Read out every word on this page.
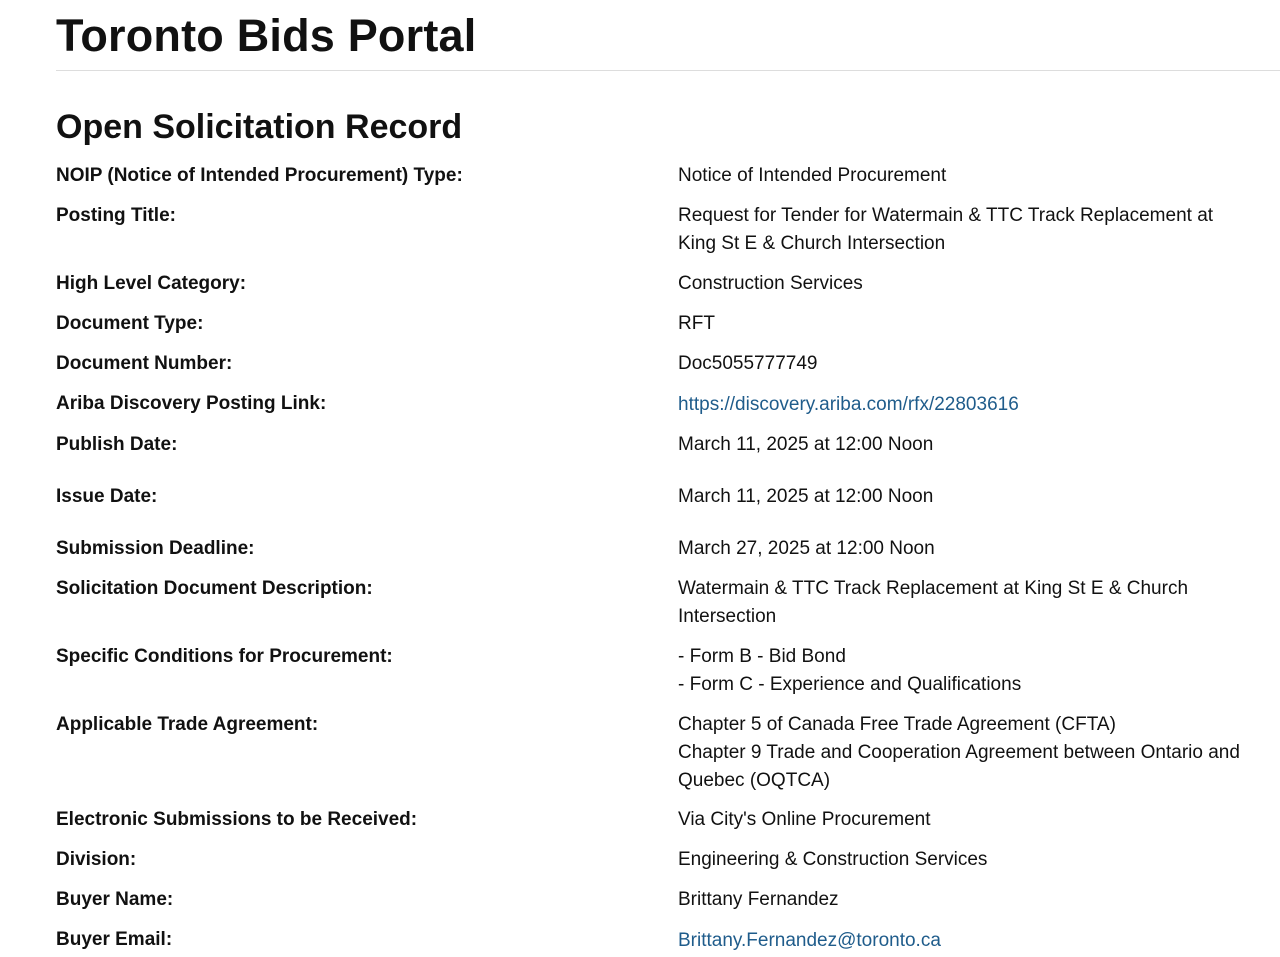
Toronto Bids Portal
Open Solicitation Record
NOIP (Notice of Intended Procurement) Type:	Notice of Intended Procurement
Posting Title:	Request for Tender for Watermain & TTC Track Replacement at
King St E & Church Intersection
High Level Category:	Construction Services
Document Type:	RFT
Document Number:	Doc5055777749
Ariba Discovery Posting Link:	https://discovery.ariba.com/rfx/22803616
Publish Date:	March 11, 2025 at 12:00 Noon
Issue Date:	March 11, 2025 at 12:00 Noon
Submission Deadline:	March 27, 2025 at 12:00 Noon
Solicitation Document Description:	Watermain & TTC Track Replacement at King St E & Church
Intersection
Specific Conditions for Procurement:	- Form B - Bid Bond
- Form C - Experience and Qualifications
Applicable Trade Agreement:	Chapter 5 of Canada Free Trade Agreement (CFTA)
Chapter 9 Trade and Cooperation Agreement between Ontario and
Quebec (OQTCA)
Electronic Submissions to be Received:	Via City's Online Procurement
Division:	Engineering & Construction Services
Buyer Name:	Brittany Fernandez
Buyer Email:	Brittany.Fernandez@toronto.ca
